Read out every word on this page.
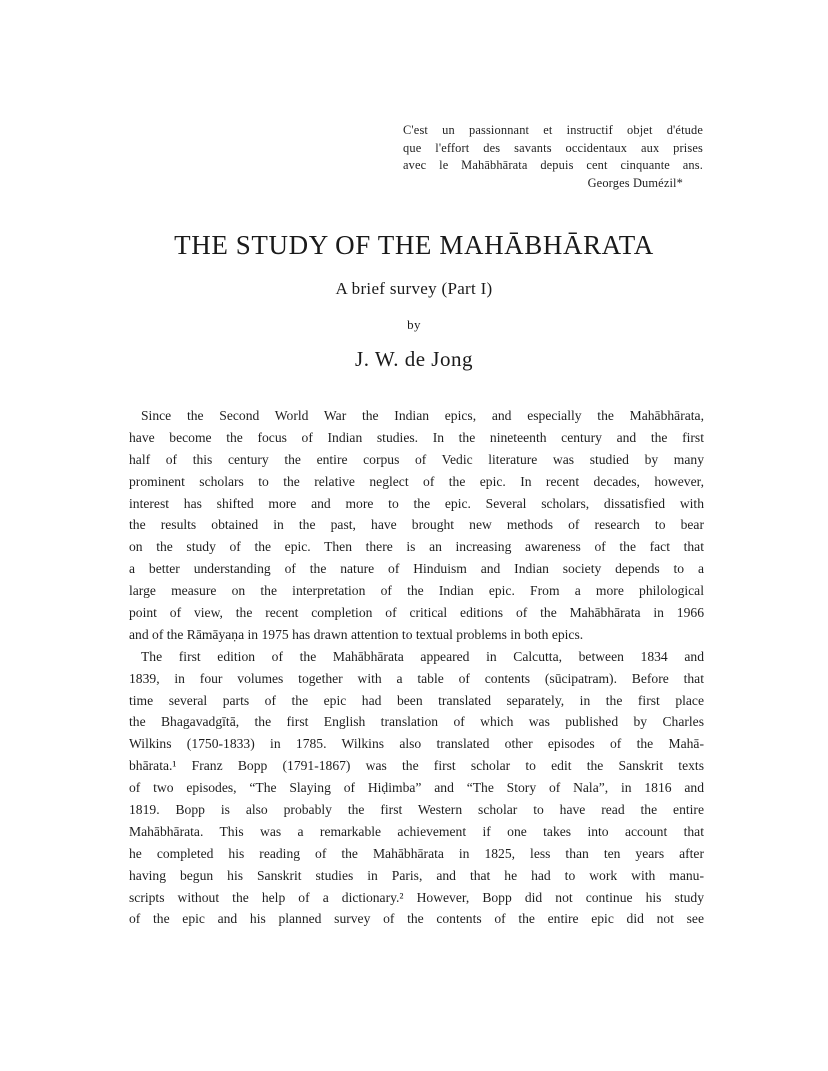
C'est un passionnant et instructif objet d'étude
que l'effort des savants occidentaux aux prises
avec le Mahābhārata depuis cent cinquante ans.
Georges Dumézil*
THE STUDY OF THE MAHĀBHĀRATA
A brief survey (Part I)
by
J. W. de Jong
Since the Second World War the Indian epics, and especially the Mahābhārata,
have become the focus of Indian studies. In the nineteenth century and the first
half of this century the entire corpus of Vedic literature was studied by many
prominent scholars to the relative neglect of the epic. In recent decades, however,
interest has shifted more and more to the epic. Several scholars, dissatisfied with
the results obtained in the past, have brought new methods of research to bear
on the study of the epic. Then there is an increasing awareness of the fact that
a better understanding of the nature of Hinduism and Indian society depends to a
large measure on the interpretation of the Indian epic. From a more philological
point of view, the recent completion of critical editions of the Mahābhārata in 1966
and of the Rāmāyaṇa in 1975 has drawn attention to textual problems in both epics.
The first edition of the Mahābhārata appeared in Calcutta, between 1834 and
1839, in four volumes together with a table of contents (sūcipatram). Before that
time several parts of the epic had been translated separately, in the first place
the Bhagavadgītā, the first English translation of which was published by Charles
Wilkins (1750-1833) in 1785. Wilkins also translated other episodes of the Mahā-
bhārata.¹ Franz Bopp (1791-1867) was the first scholar to edit the Sanskrit texts
of two episodes, “The Slaying of Hiḍimba” and “The Story of Nala”, in 1816 and
1819. Bopp is also probably the first Western scholar to have read the entire
Mahābhārata. This was a remarkable achievement if one takes into account that
he completed his reading of the Mahābhārata in 1825, less than ten years after
having begun his Sanskrit studies in Paris, and that he had to work with manu-
scripts without the help of a dictionary.² However, Bopp did not continue his study
of the epic and his planned survey of the contents of the entire epic did not see
